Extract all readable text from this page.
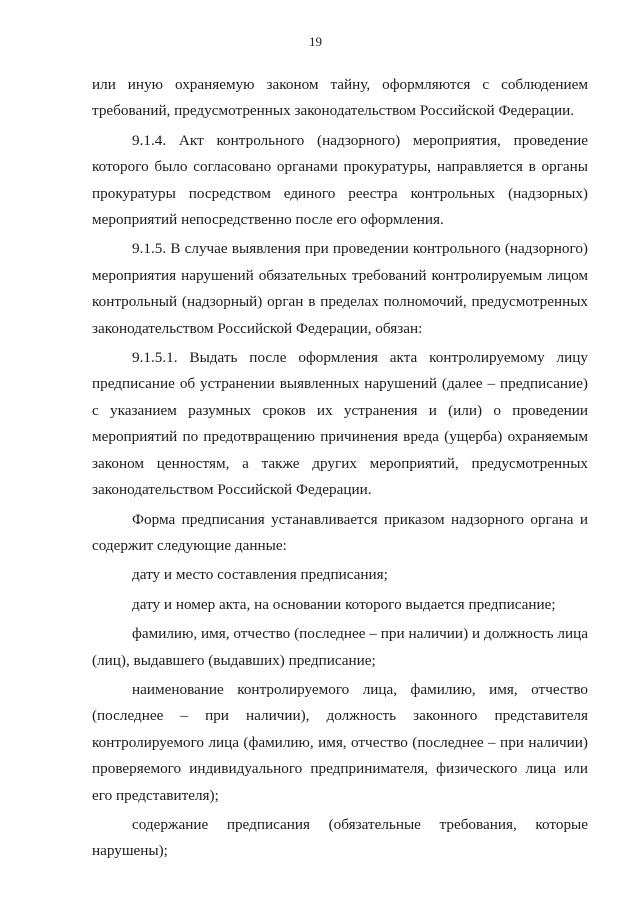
19

или иную охраняемую законом тайну, оформляются с соблюдением требований, предусмотренных законодательством Российской Федерации.

9.1.4. Акт контрольного (надзорного) мероприятия, проведение которого было согласовано органами прокуратуры, направляется в органы прокуратуры посредством единого реестра контрольных (надзорных) мероприятий непосредственно после его оформления.

9.1.5. В случае выявления при проведении контрольного (надзорного) мероприятия нарушений обязательных требований контролируемым лицом контрольный (надзорный) орган в пределах полномочий, предусмотренных законодательством Российской Федерации, обязан:

9.1.5.1. Выдать после оформления акта контролируемому лицу предписание об устранении выявленных нарушений (далее – предписание) с указанием разумных сроков их устранения и (или) о проведении мероприятий по предотвращению причинения вреда (ущерба) охраняемым законом ценностям, а также других мероприятий, предусмотренных законодательством Российской Федерации.

Форма предписания устанавливается приказом надзорного органа и содержит следующие данные:

дату и место составления предписания;

дату и номер акта, на основании которого выдается предписание;

фамилию, имя, отчество (последнее – при наличии) и должность лица (лиц), выдавшего (выдавших) предписание;

наименование контролируемого лица, фамилию, имя, отчество (последнее – при наличии), должность законного представителя контролируемого лица (фамилию, имя, отчество (последнее – при наличии) проверяемого индивидуального предпринимателя, физического лица или его представителя);

содержание предписания (обязательные требования, которые нарушены);
